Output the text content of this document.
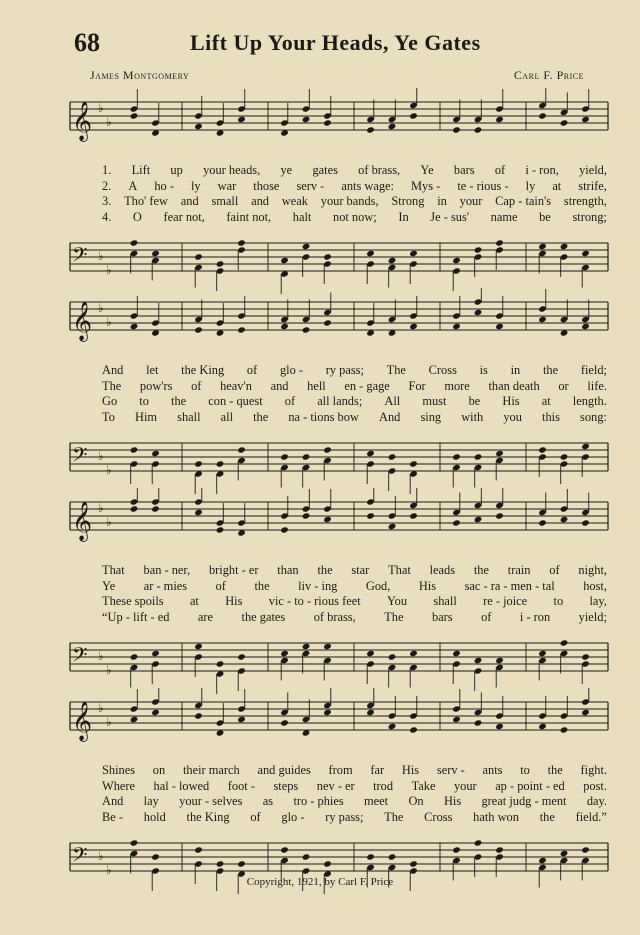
68	Lift Up Your Heads, Ye Gates
James Montgomery	Carl F. Price
𝄞 ♭
♭
1. Lift up your heads, ye gates of brass, Ye bars of i - ron, yield,
2. A ho - ly war those serv - ants wage: Mys - te - rious - ly at strife,
3. Tho' few and small and weak your bands, Strong in your Cap - tain's strength,
4. O fear not, faint not, halt not now; In Je - sus' name be strong;
𝄢 ♭
♭
𝄞 ♭
♭
And let the King of glo - ry pass; The Cross is in the field;
The pow'rs of heav'n and hell en - gage For more than death or life.
Go to the con - quest of all lands; All must be His at length.
To Him shall all the na - tions bow And sing with you this song:
𝄢 ♭
♭
𝄞 ♭
♭
That ban - ner, bright - er than the star That leads the train of night,
Ye ar - mies of the liv - ing God, His sac - ra - men - tal host,
These spoils at His vic - to - rious feet You shall re - joice to lay,
“Up - lift - ed are the gates of brass, The bars of i - ron yield;
𝄢 ♭
♭
𝄞 ♭
♭
Shines on their march and guides from far His serv - ants to the fight.
Where hal - lowed foot - steps nev - er trod Take your ap - point - ed post.
And lay your - selves as tro - phies meet On His great judg - ment day.
Be - hold the King of glo - ry pass; The Cross hath won the field.”
𝄢 ♭
♭
Copyright, 1921, by Carl F. Price
